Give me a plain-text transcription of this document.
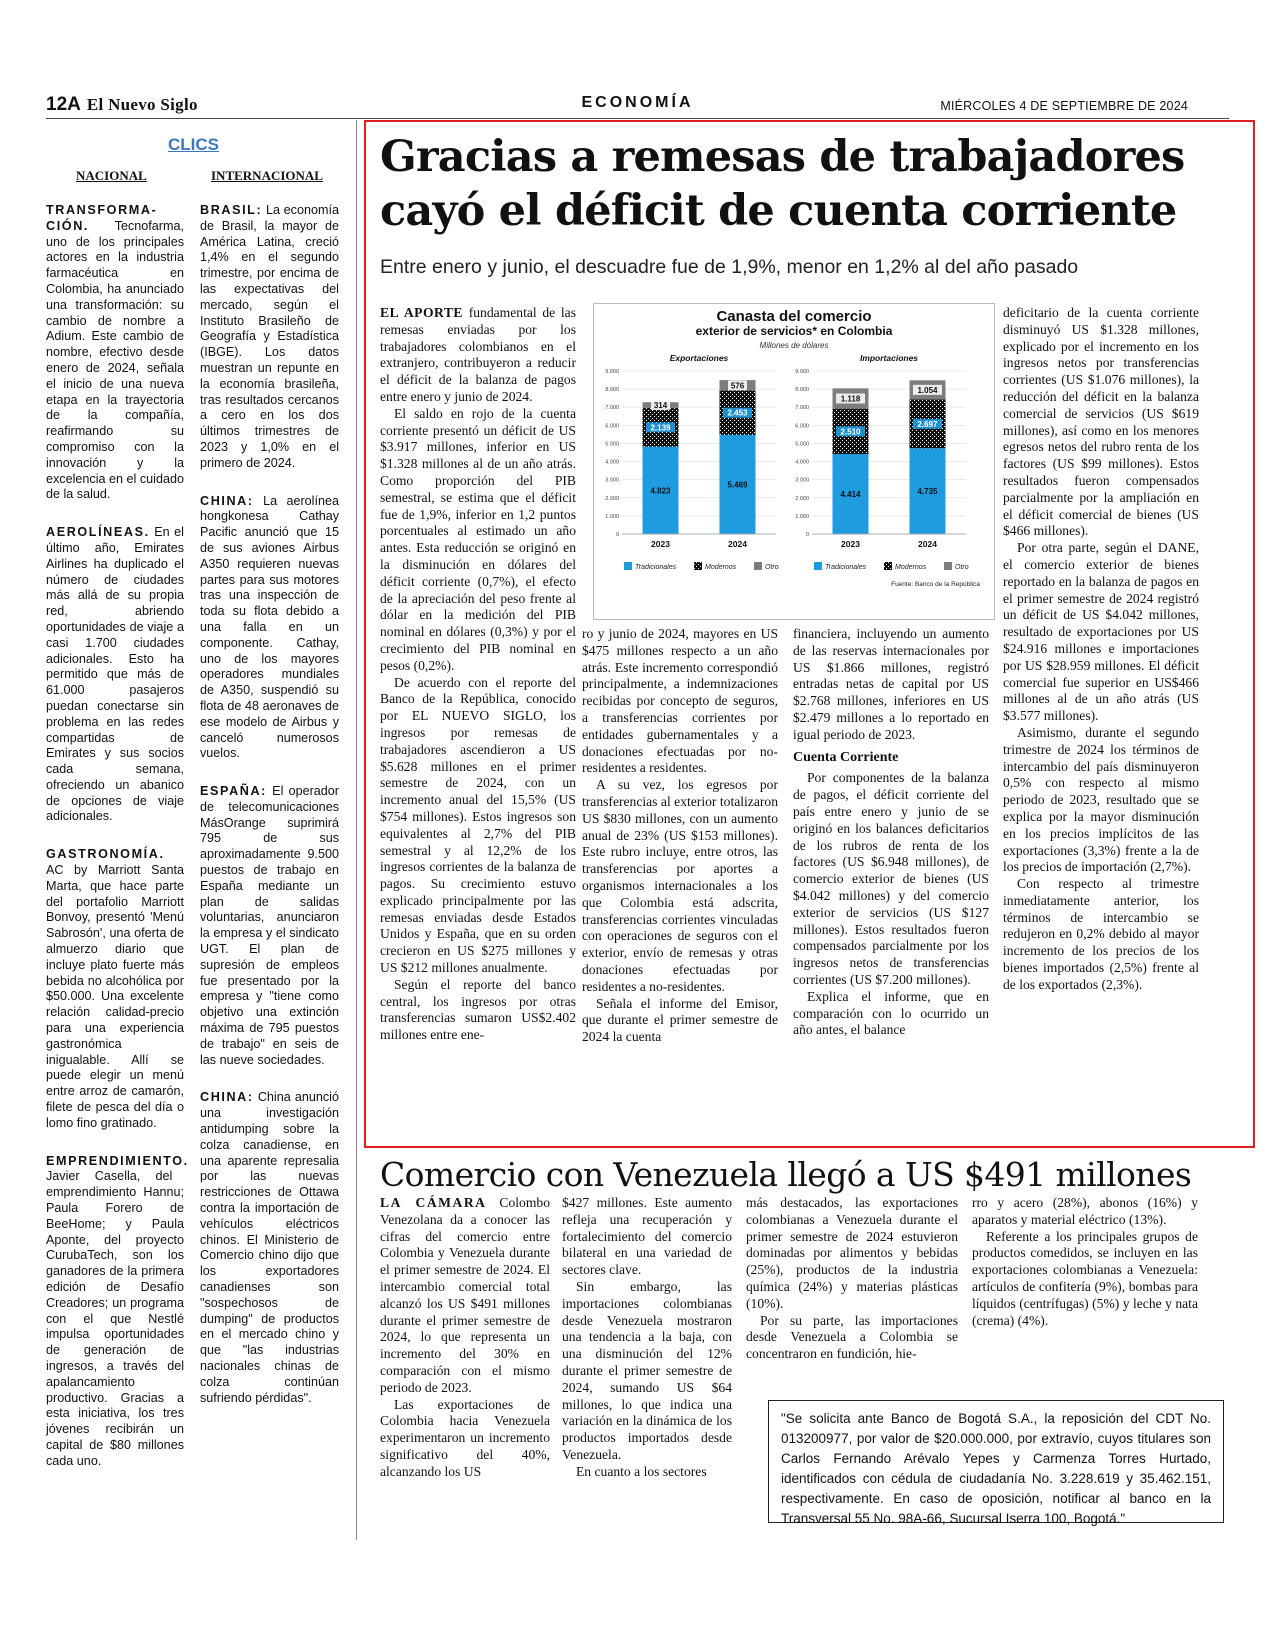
12A El Nuevo Siglo	ECONOMÍA	MIÉRCOLES 4 DE SEPTIEMBRE DE 2024
CLICS
NACIONAL	INTERNACIONAL
TRANSFORMA-CIÓN. Tecnofarma, uno de los principales actores en la industria farmacéutica en Colombia, ha anunciado una transformación: su cambio de nombre a Adium. Este cambio de nombre, efectivo desde enero de 2024, señala el inicio de una nueva etapa en la trayectoria de la compañía, reafirmando su compromiso con la innovación y la excelencia en el cuidado de la salud.
AEROLÍNEAS. En el último año, Emirates Airlines ha duplicado el número de ciudades más allá de su propia red, abriendo oportunidades de viaje a casi 1.700 ciudades adicionales. Esto ha permitido que más de 61.000 pasajeros puedan conectarse sin problema en las redes compartidas de Emirates y sus socios cada semana, ofreciendo un abanico de opciones de viaje adicionales.
GASTRONOMÍA. AC by Marriott Santa Marta, que hace parte del portafolio Marriott Bonvoy, presentó 'Menú Sabrosón', una oferta de almuerzo diario que incluye plato fuerte más bebida no alcohólica por $50.000. Una excelente relación calidad-precio para una experiencia gastronómica inigualable. Allí se puede elegir un menú entre arroz de camarón, filete de pesca del día o lomo fino gratinado.
EMPRENDIMIENTO. Javier Casella, del emprendimiento Hannu; Paula Forero de BeeHome; y Paula Aponte, del proyecto CurubaTech, son los ganadores de la primera edición de Desafío Creadores; un programa con el que Nestlé impulsa oportunidades de generación de ingresos, a través del apalancamiento productivo. Gracias a esta iniciativa, los tres jóvenes recibirán un capital de $80 millones cada uno.
BRASIL: La economía de Brasil, la mayor de América Latina, creció 1,4% en el segundo trimestre, por encima de las expectativas del mercado, según el Instituto Brasileño de Geografía y Estadística (IBGE). Los datos muestran un repunte en la economía brasileña, tras resultados cercanos a cero en los dos últimos trimestres de 2023 y 1,0% en el primero de 2024.
CHINA: La aerolínea hongkonesa Cathay Pacific anunció que 15 de sus aviones Airbus A350 requieren nuevas partes para sus motores tras una inspección de toda su flota debido a una falla en un componente. Cathay, uno de los mayores operadores mundiales de A350, suspendió su flota de 48 aeronaves de ese modelo de Airbus y canceló numerosos vuelos.
ESPAÑA: El operador de telecomunicaciones MásOrange suprimirá 795 de sus aproximadamente 9.500 puestos de trabajo en España mediante un plan de salidas voluntarias, anunciaron la empresa y el sindicato UGT. El plan de supresión de empleos fue presentado por la empresa y "tiene como objetivo una extinción máxima de 795 puestos de trabajo" en seis de las nueve sociedades.
CHINA: China anunció una investigación antidumping sobre la colza canadiense, en una aparente represalia por las nuevas restricciones de Ottawa contra la importación de vehículos eléctricos chinos. El Ministerio de Comercio chino dijo que los exportadores canadienses son "sospechosos de dumping" de productos en el mercado chino y que "las industrias nacionales chinas de colza continúan sufriendo pérdidas".
Gracias a remesas de trabajadores cayó el déficit de cuenta corriente
Entre enero y junio, el descuadre fue de 1,9%, menor en 1,2% al del año pasado

EL APORTE fundamental de las remesas enviadas por los trabajadores colombianos en el extranjero, contribuyeron a reducir el déficit de la balanza de pagos entre enero y junio de 2024.

El saldo en rojo de la cuenta corriente presentó un déficit de US $3.917 millones, inferior en US $1.328 millones al de un año atrás. Como proporción del PIB semestral, se estima que el déficit fue de 1,9%, inferior en 1,2 puntos porcentuales al estimado un año antes. Esta reducción se originó en la disminución en dólares del déficit corriente (0,7%), el efecto de la apreciación del peso frente al dólar en la medición del PIB nominal en dólares (0,3%) y por el crecimiento del PIB nominal en pesos (0,2%).

De acuerdo con el reporte del Banco de la República, conocido por EL NUEVO SIGLO, los ingresos por remesas de trabajadores ascendieron a US $5.628 millones en el primer semestre de 2024, con un incremento anual del 15,5% (US $754 millones). Estos ingresos son equivalentes al 2,7% del PIB semestral y al 12,2% de los ingresos corrientes de la balanza de pagos. Su crecimiento estuvo explicado principalmente por las remesas enviadas desde Estados Unidos y España, que en su orden crecieron en US $275 millones y US $212 millones anualmente.

Según el reporte del banco central, los ingresos por otras transferencias sumaron US$2.402 millones entre ene-

Canasta del comercio
exterior de servicios* en Colombia
Millones de dólares
Exportaciones
9.000
8.000
7.000
6.000
5.000
4.000
3.000
2.000
1.000
0
4.823
2.139
314
2023
5.469
2.453
576
2024
Tradicionales	Modernos	Otro
Importaciones
9.000
8.000
7.000
6.000
5.000
4.000
3.000
2.000
1.000
0
4.414
2.510
1.118
2023
4.735
2.697
1.054
2024
Tradicionales	Modernos	Otro
Fuente: Banco de la República

ro y junio de 2024, mayores en US $475 millones respecto a un año atrás. Este incremento correspondió principalmente, a indemnizaciones recibidas por concepto de seguros, a transferencias corrientes por entidades gubernamentales y a donaciones efectuadas por no-residentes a residentes.

A su vez, los egresos por transferencias al exterior totalizaron US $830 millones, con un aumento anual de 23% (US $153 millones). Este rubro incluye, entre otros, las transferencias por aportes a organismos internacionales a los que Colombia está adscrita, transferencias corrientes vinculadas con operaciones de seguros con el exterior, envío de remesas y otras donaciones efectuadas por residentes a no-residentes.

Señala el informe del Emisor, que durante el primer semestre de 2024 la cuenta

financiera, incluyendo un aumento de las reservas internacionales por US $1.866 millones, registró entradas netas de capital por US $2.768 millones, inferiores en US $2.479 millones a lo reportado en igual periodo de 2023.

Cuenta Corriente

Por componentes de la balanza de pagos, el déficit corriente del país entre enero y junio de se originó en los balances deficitarios de los rubros de renta de los factores (US $6.948 millones), de comercio exterior de bienes (US $4.042 millones) y del comercio exterior de servicios (US $127 millones). Estos resultados fueron compensados parcialmente por los ingresos netos de transferencias corrientes (US $7.200 millones).

Explica el informe, que en comparación con lo ocurrido un año antes, el balance

deficitario de la cuenta corriente disminuyó US $1.328 millones, explicado por el incremento en los ingresos netos por transferencias corrientes (US $1.076 millones), la reducción del déficit en la balanza comercial de servicios (US $619 millones), así como en los menores egresos netos del rubro renta de los factores (US $99 millones). Estos resultados fueron compensados parcialmente por la ampliación en el déficit comercial de bienes (US $466 millones).

Por otra parte, según el DANE, el comercio exterior de bienes reportado en la balanza de pagos en el primer semestre de 2024 registró un déficit de US $4.042 millones, resultado de exportaciones por US $24.916 millones e importaciones por US $28.959 millones. El déficit comercial fue superior en US$466 millones al de un año atrás (US $3.577 millones).

Asimismo, durante el segundo trimestre de 2024 los términos de intercambio del país disminuyeron 0,5% con respecto al mismo periodo de 2023, resultado que se explica por la mayor disminución en los precios implícitos de las exportaciones (3,3%) frente a la de los precios de importación (2,7%).

Con respecto al trimestre inmediatamente anterior, los términos de intercambio se redujeron en 0,2% debido al mayor incremento de los precios de los bienes importados (2,5%) frente al de los exportados (2,3%).

Comercio con Venezuela llegó a US $491 millones

LA CÁMARA Colombo Venezolana da a conocer las cifras del comercio entre Colombia y Venezuela durante el primer semestre de 2024. El intercambio comercial total alcanzó los US $491 millones durante el primer semestre de 2024, lo que representa un incremento del 30% en comparación con el mismo periodo de 2023.

Las exportaciones de Colombia hacia Venezuela experimentaron un incremento significativo del 40%, alcanzando los US

$427 millones. Este aumento refleja una recuperación y fortalecimiento del comercio bilateral en una variedad de sectores clave.

Sin embargo, las importaciones colombianas desde Venezuela mostraron una tendencia a la baja, con una disminución del 12% durante el primer semestre de 2024, sumando US $64 millones, lo que indica una variación en la dinámica de los productos importados desde Venezuela.

En cuanto a los sectores

más destacados, las exportaciones colombianas a Venezuela durante el primer semestre de 2024 estuvieron dominadas por alimentos y bebidas (25%), productos de la industria química (24%) y materias plásticas (10%).

Por su parte, las importaciones desde Venezuela a Colombia se concentraron en fundición, hie-

rro y acero (28%), abonos (16%) y aparatos y material eléctrico (13%).

Referente a los principales grupos de productos comedidos, se incluyen en las exportaciones colombianas a Venezuela: artículos de confitería (9%), bombas para líquidos (centrífugas) (5%) y leche y nata (crema) (4%).

"Se solicita ante Banco de Bogotá S.A., la reposición del CDT No. 013200977, por valor de $20.000.000, por extravío, cuyos titulares son Carlos Fernando Arévalo Yepes y Carmenza Torres Hurtado, identificados con cédula de ciudadanía No. 3.228.619 y 35.462.151, respectivamente. En caso de oposición, notificar al banco en la Transversal 55 No. 98A-66, Sucursal Iserra 100, Bogotá."
